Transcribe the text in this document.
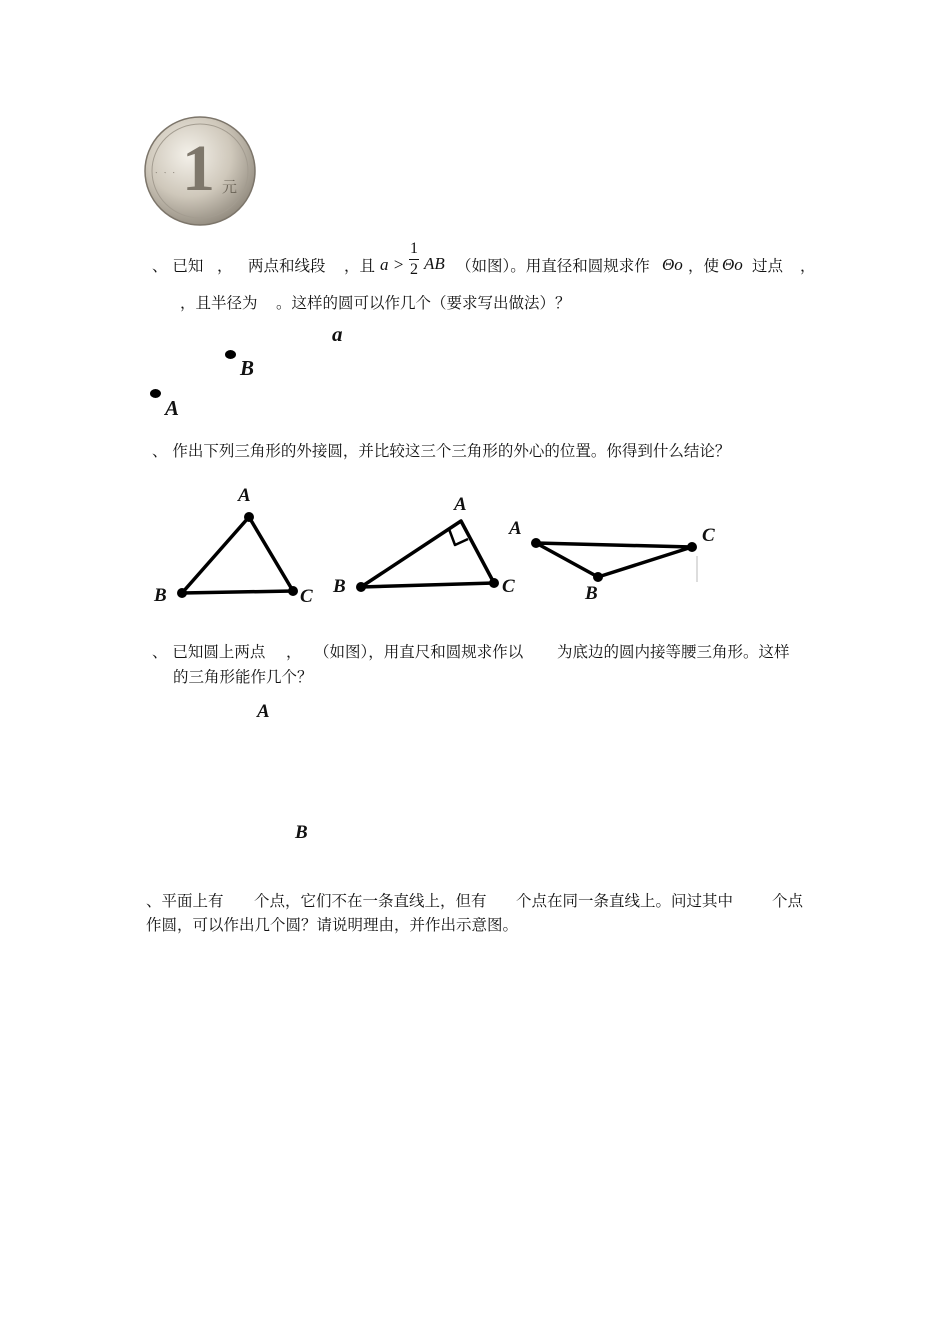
ᆞᆞᆞ 1 元
、 已知 ， 两点和线段 ，且 a >
1
2 AB （如图）。用直径和圆规求作 Θo ，使 Θo 过点 ，
，且半径为 。这样的圆可以作几个（要求写出做法）？
a
B
A
、 作出下列三角形的外接圆，并比较这三个三角形的外心的位置。你得到什么结论？
A
B	C
A
B	C
A
B
C
、 已知圆上两点 ， （如图），用直尺和圆规求作以 为底边的圆内接等腰三角形。这样
的三角形能作几个？
A
B
、平面上有 个点，它们不在一条直线上，但有 个点在同一条直线上。问过其中	个点
作圆，可以作出几个圆？请说明理由，并作出示意图。
